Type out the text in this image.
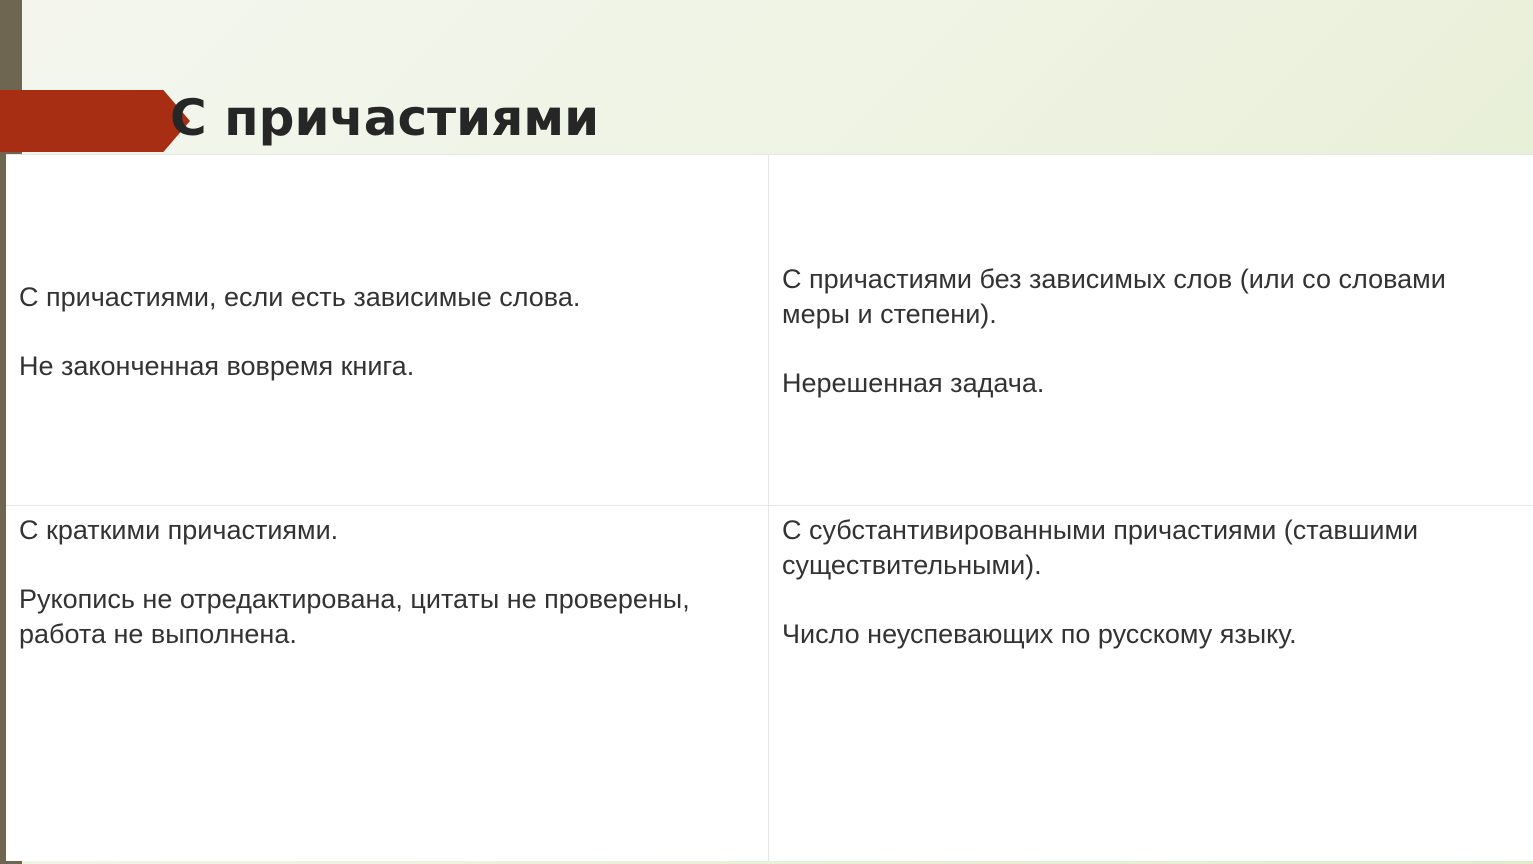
С причастиями

С причастиями, если есть зависимые слова.

Не законченная вовремя книга.

С причастиями без зависимых слов (или со словами меры и степени).

Нерешенная задача.

С краткими причастиями.

Рукопись не отредактирована, цитаты не проверены, работа не выполнена.

С субстантивированными причастиями (ставшими существительными).

Число неуспевающих по русскому языку.
